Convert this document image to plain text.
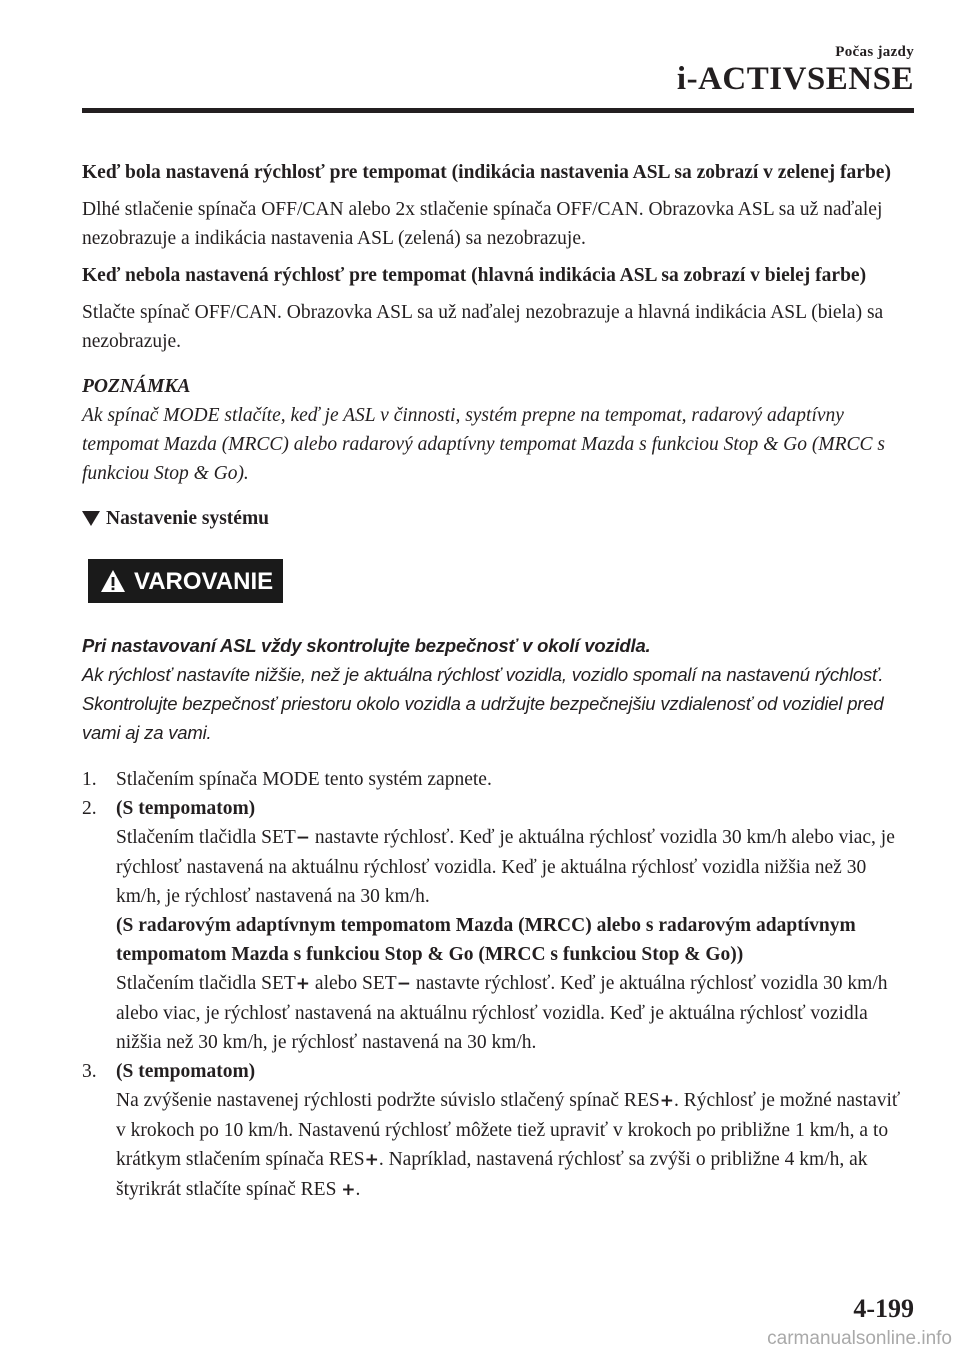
Počas jazdy
i-ACTIVSENSE

Keď bola nastavená rýchlosť pre tempomat (indikácia nastavenia ASL sa zobrazí v zelenej farbe)

Dlhé stlačenie spínača OFF/CAN alebo 2x stlačenie spínača OFF/CAN. Obrazovka ASL sa už naďalej nezobrazuje a indikácia nastavenia ASL (zelená) sa nezobrazuje.

Keď nebola nastavená rýchlosť pre tempomat (hlavná indikácia ASL sa zobrazí v bielej farbe)

Stlačte spínač OFF/CAN. Obrazovka ASL sa už naďalej nezobrazuje a hlavná indikácia ASL (biela) sa nezobrazuje.

POZNÁMKA

Ak spínač MODE stlačíte, keď je ASL v činnosti, systém prepne na tempomat, radarový adaptívny tempomat Mazda (MRCC) alebo radarový adaptívny tempomat Mazda s funkciou Stop & Go (MRCC s funkciou Stop & Go).

Nastavenie systému
VAROVANIE

Pri nastavovaní ASL vždy skontrolujte bezpečnosť v okolí vozidla.

Ak rýchlosť nastavíte nižšie, než je aktuálna rýchlosť vozidla, vozidlo spomalí na nastavenú rýchlosť. Skontrolujte bezpečnosť priestoru okolo vozidla a udržujte bezpečnejšiu vzdialenosť od vozidiel pred vami aj za vami.

1. Stlačením spínača MODE tento systém zapnete.
2. (S tempomatom)

Stlačením tlačidla SET− nastavte rýchlosť. Keď je aktuálna rýchlosť vozidla 30 km/h alebo viac, je rýchlosť nastavená na aktuálnu rýchlosť vozidla. Keď je aktuálna rýchlosť vozidla nižšia než 30 km/h, je rýchlosť nastavená na 30 km/h.

(S radarovým adaptívnym tempomatom Mazda (MRCC) alebo s radarovým adaptívnym tempomatom Mazda s funkciou Stop & Go (MRCC s funkciou Stop & Go))

Stlačením tlačidla SET+ alebo SET− nastavte rýchlosť. Keď je aktuálna rýchlosť vozidla 30 km/h alebo viac, je rýchlosť nastavená na aktuálnu rýchlosť vozidla. Keď je aktuálna rýchlosť vozidla nižšia než 30 km/h, je rýchlosť nastavená na 30 km/h.

3. (S tempomatom)

Na zvýšenie nastavenej rýchlosti podržte súvislo stlačený spínač RES+. Rýchlosť je možné nastaviť v krokoch po 10 km/h. Nastavenú rýchlosť môžete tiež upraviť v krokoch po približne 1 km/h, a to krátkym stlačením spínača RES+. Napríklad, nastavená rýchlosť sa zvýši o približne 4 km/h, ak štyrikrát stlačíte spínač RES +.

4-199
carmanualsonline.info
